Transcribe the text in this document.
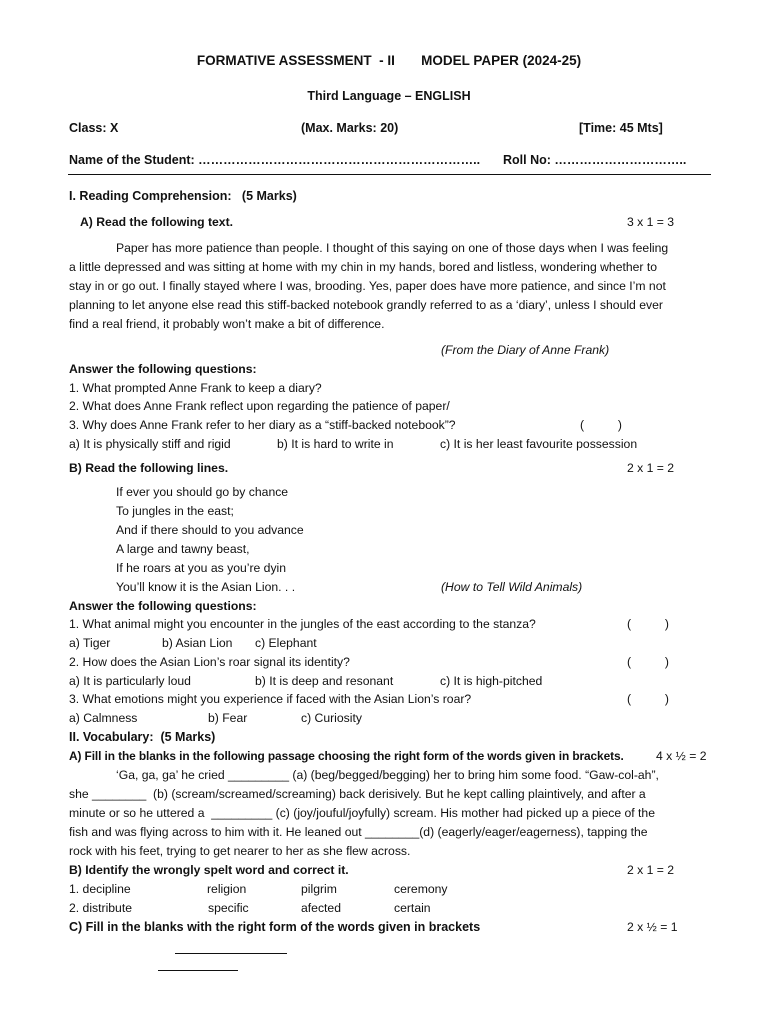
FORMATIVE ASSESSMENT  - II       MODEL PAPER (2024-25)
Third Language – ENGLISH
Class: X	(Max. Marks: 20)	[Time: 45 Mts]
Name of the Student: ………………………………………………………….. Roll No: …………………………..
I. Reading Comprehension:   (5 Marks)
A) Read the following text.	3 x 1 = 3
Paper has more patience than people. I thought of this saying on one of those days when I was feeling
a little depressed and was sitting at home with my chin in my hands, bored and listless, wondering whether to
stay in or go out. I finally stayed where I was, brooding. Yes, paper does have more patience, and since I’m not
planning to let anyone else read this stiff-backed notebook grandly referred to as a ‘diary’, unless I should ever
find a real friend, it probably won’t make a bit of difference.
(From the Diary of Anne Frank)
Answer the following questions:
1. What prompted Anne Frank to keep a diary?
2. What does Anne Frank reflect upon regarding the patience of paper/
3. Why does Anne Frank refer to her diary as a “stiff-backed notebook”?	(          )
a) It is physically stiff and rigid	b) It is hard to write in	c) It is her least favourite possession
B) Read the following lines.	2 x 1 = 2
If ever you should go by chance
To jungles in the east;
And if there should to you advance
A large and tawny beast,
If he roars at you as you’re dyin
You’ll know it is the Asian Lion. . .	(How to Tell Wild Animals)
Answer the following questions:
1. What animal might you encounter in the jungles of the east according to the stanza?	(          )
a) Tiger	b) Asian Lion c) Elephant
2. How does the Asian Lion’s roar signal its identity?	(          )
a) It is particularly loud	b) It is deep and resonant	c) It is high-pitched
3. What emotions might you experience if faced with the Asian Lion’s roar?	(          )
a) Calmness	b) Fear	c) Curiosity
II. Vocabulary:  (5 Marks)
A) Fill in the blanks in the following passage choosing the right form of the words given in brackets.	4 x ½ = 2
‘Ga, ga, ga’ he cried _________ (a) (beg/begged/begging) her to bring him some food. “Gaw-col-ah”,
she ________  (b) (scream/screamed/screaming) back derisively. But he kept calling plaintively, and after a
minute or so he uttered a  _________ (c) (joy/jouful/joyfully) scream. His mother had picked up a piece of the
fish and was flying across to him with it. He leaned out ________(d) (eagerly/eager/eagerness), tapping the
rock with his feet, trying to get nearer to her as she flew across.
B) Identify the wrongly spelt word and correct it.	2 x 1 = 2
1. decipline	religion	pilgrim	ceremony
2. distribute	specific	afected	certain
C) Fill in the blanks with the right form of the words given in brackets	2 x ½ = 1
